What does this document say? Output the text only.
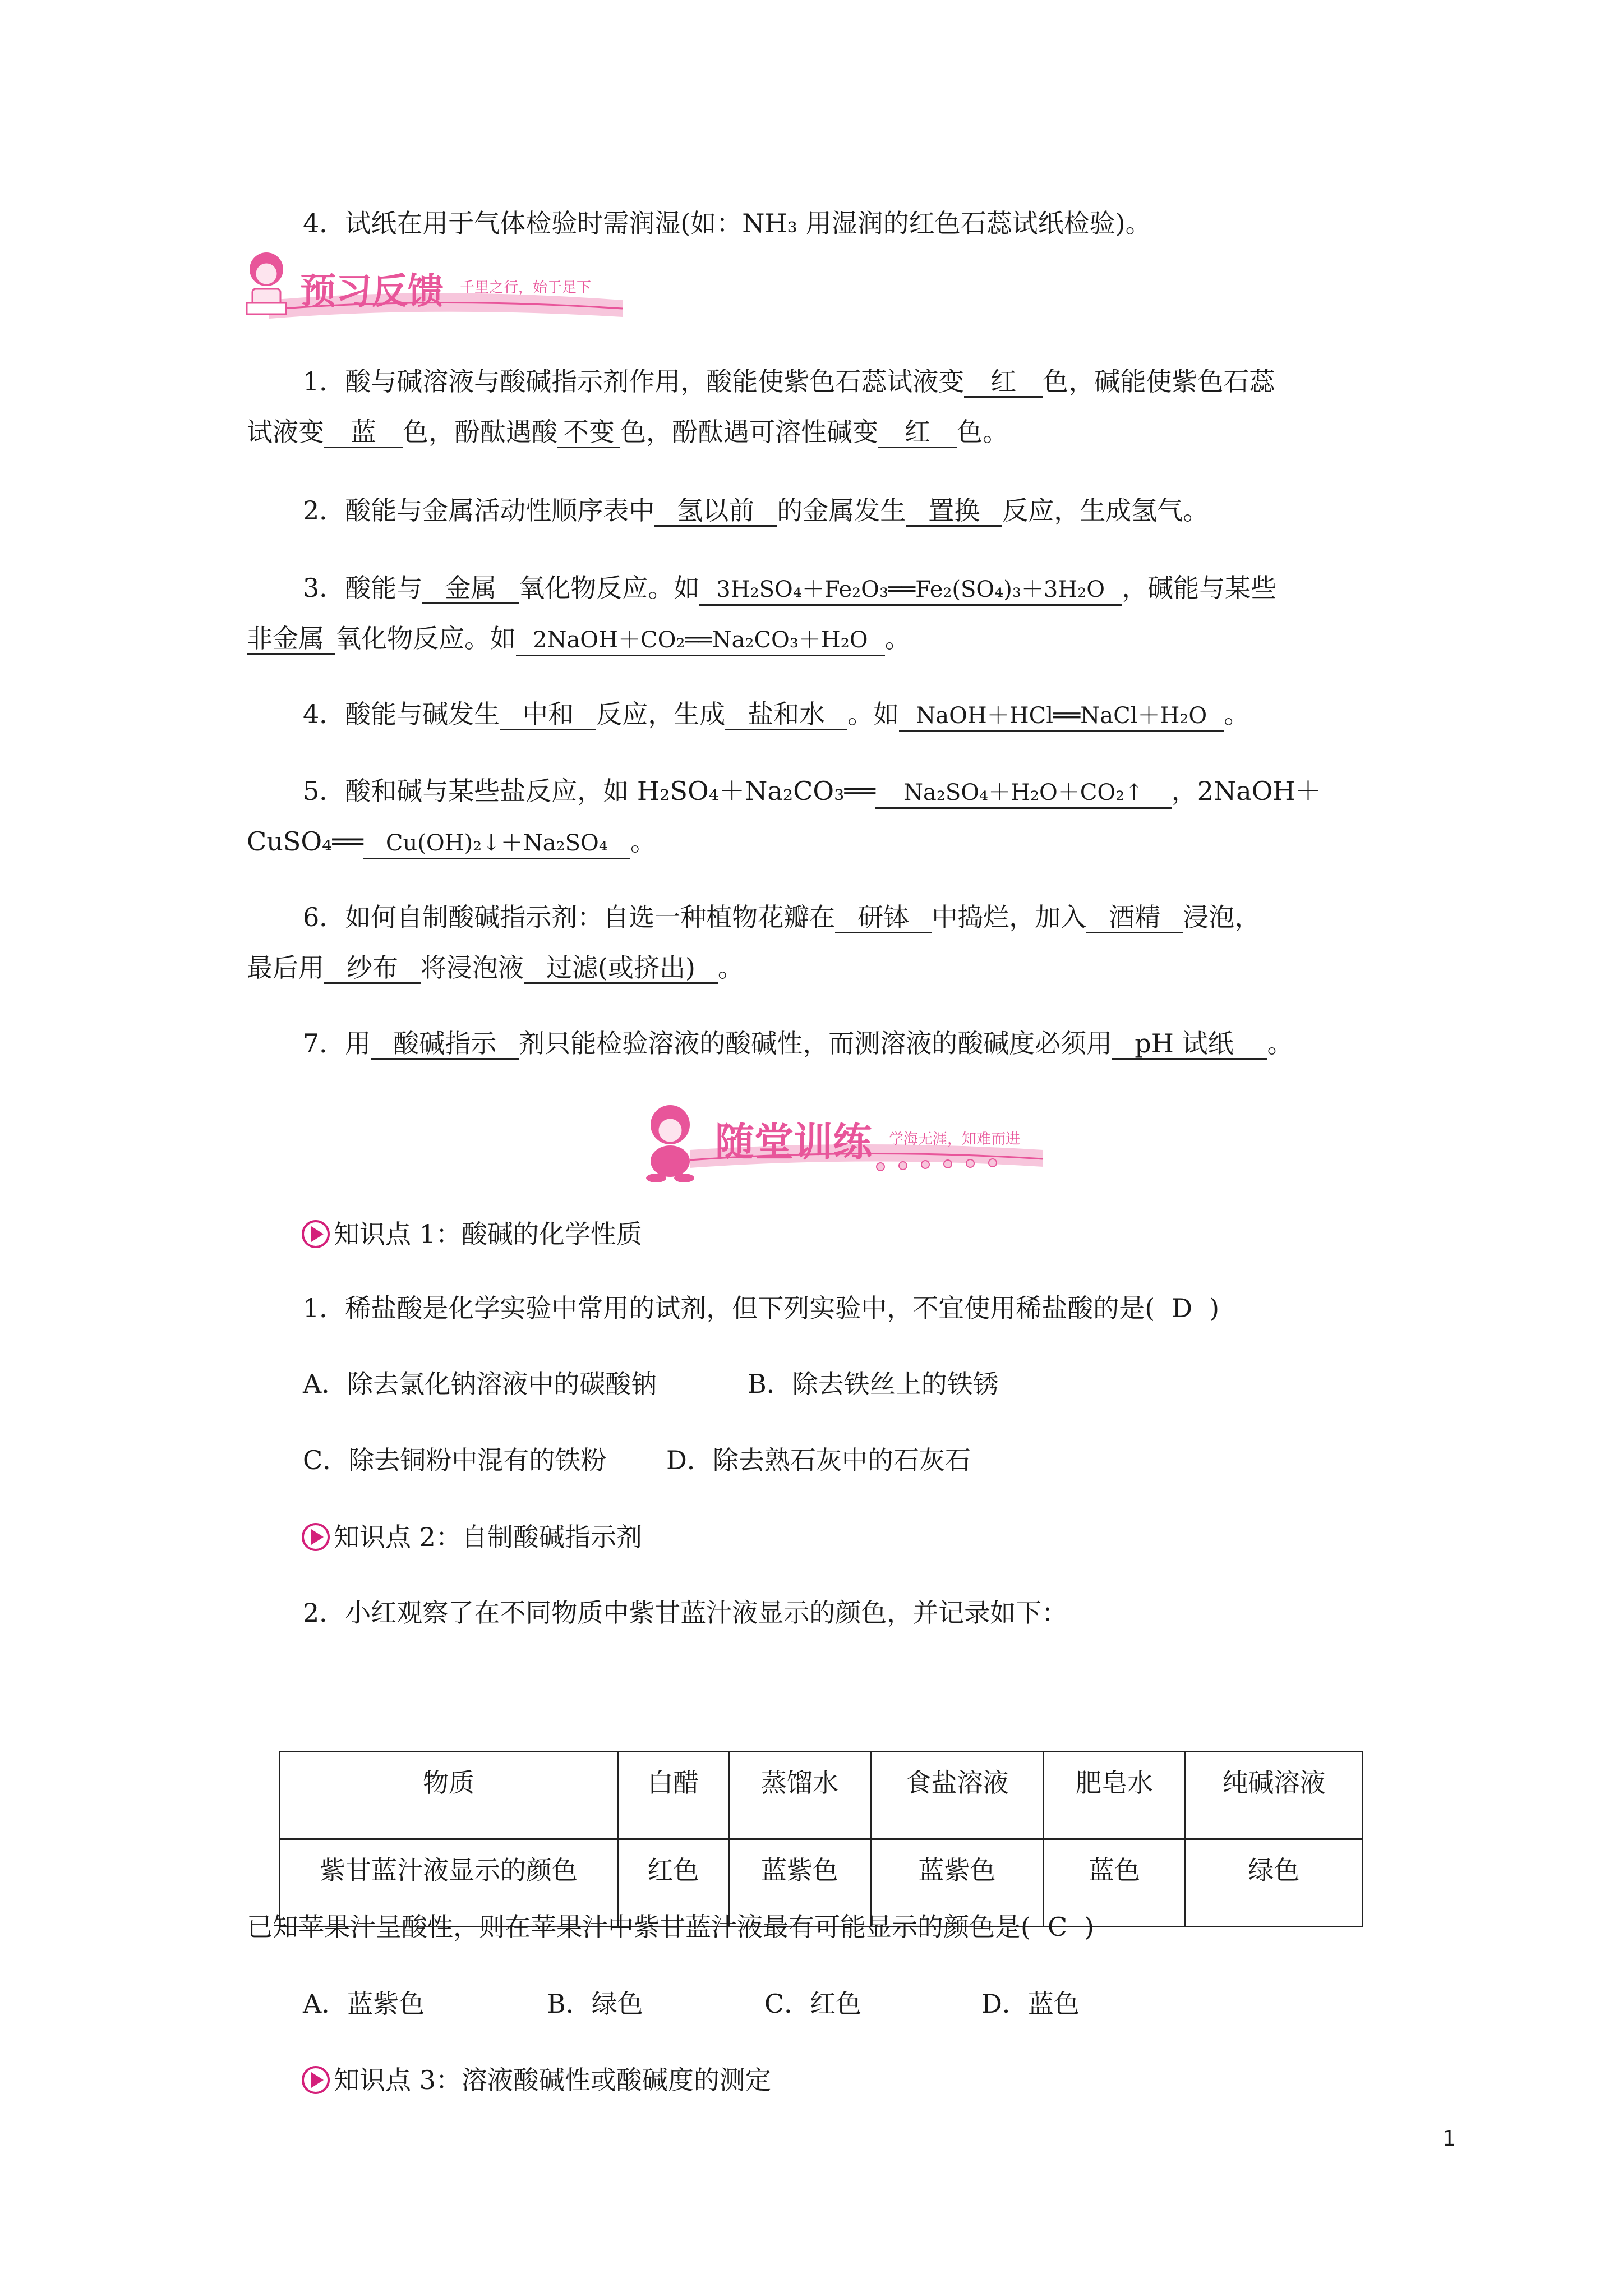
4．试纸在用于气体检验时需润湿(如：NH₃ 用湿润的红色石蕊试纸检验)。
预习反馈 千里之行，始于足下
1．酸与碱溶液与酸碱指示剂作用，酸能使紫色石蕊试液变 红 色，碱能使紫色石蕊
试液变 蓝 色，酚酞遇酸 不变 色，酚酞遇可溶性碱变 红 色。
2．酸能与金属活动性顺序表中 氢以前 的金属发生 置换 反应，生成氢气。
3．酸能与 金属 氧化物反应。如 3H₂SO₄＋Fe₂O₃══Fe₂(SO₄)₃＋3H₂O ，碱能与某些
非金属 氧化物反应。如 2NaOH＋CO₂══Na₂CO₃＋H₂O 。
4．酸能与碱发生 中和 反应，生成 盐和水 。如 NaOH＋HCl══NaCl＋H₂O 。
5．酸和碱与某些盐反应，如 H₂SO₄＋Na₂CO₃══ Na₂SO₄＋H₂O＋CO₂↑ ，2NaOH＋
CuSO₄══ Cu(OH)₂↓＋Na₂SO₄ 。
6．如何自制酸碱指示剂：自选一种植物花瓣在 研钵 中捣烂，加入 酒精 浸泡，
最后用 纱布 将浸泡液 过滤(或挤出) 。
7．用 酸碱指示 剂只能检验溶液的酸碱性，而测溶液的酸碱度必须用 pH 试纸 。
随堂训练 学海无涯，知难而进
知识点 1：酸碱的化学性质
1．稀盐酸是化学实验中常用的试剂，但下列实验中，不宜使用稀盐酸的是( D )
A．除去氯化钠溶液中的碳酸钠	B．除去铁丝上的铁锈
C．除去铜粉中混有的铁粉 D．除去熟石灰中的石灰石
知识点 2：自制酸碱指示剂
2．小红观察了在不同物质中紫甘蓝汁液显示的颜色，并记录如下：
物质	白醋	蒸馏水	食盐溶液	肥皂水	纯碱溶液
紫甘蓝汁液显示的颜色	红色	蓝紫色	蓝紫色	蓝色	绿色
已知苹果汁呈酸性，则在苹果汁中紫甘蓝汁液最有可能显示的颜色是( C )
A．蓝紫色	B．绿色	C．红色	D．蓝色
知识点 3：溶液酸碱性或酸碱度的测定
1
